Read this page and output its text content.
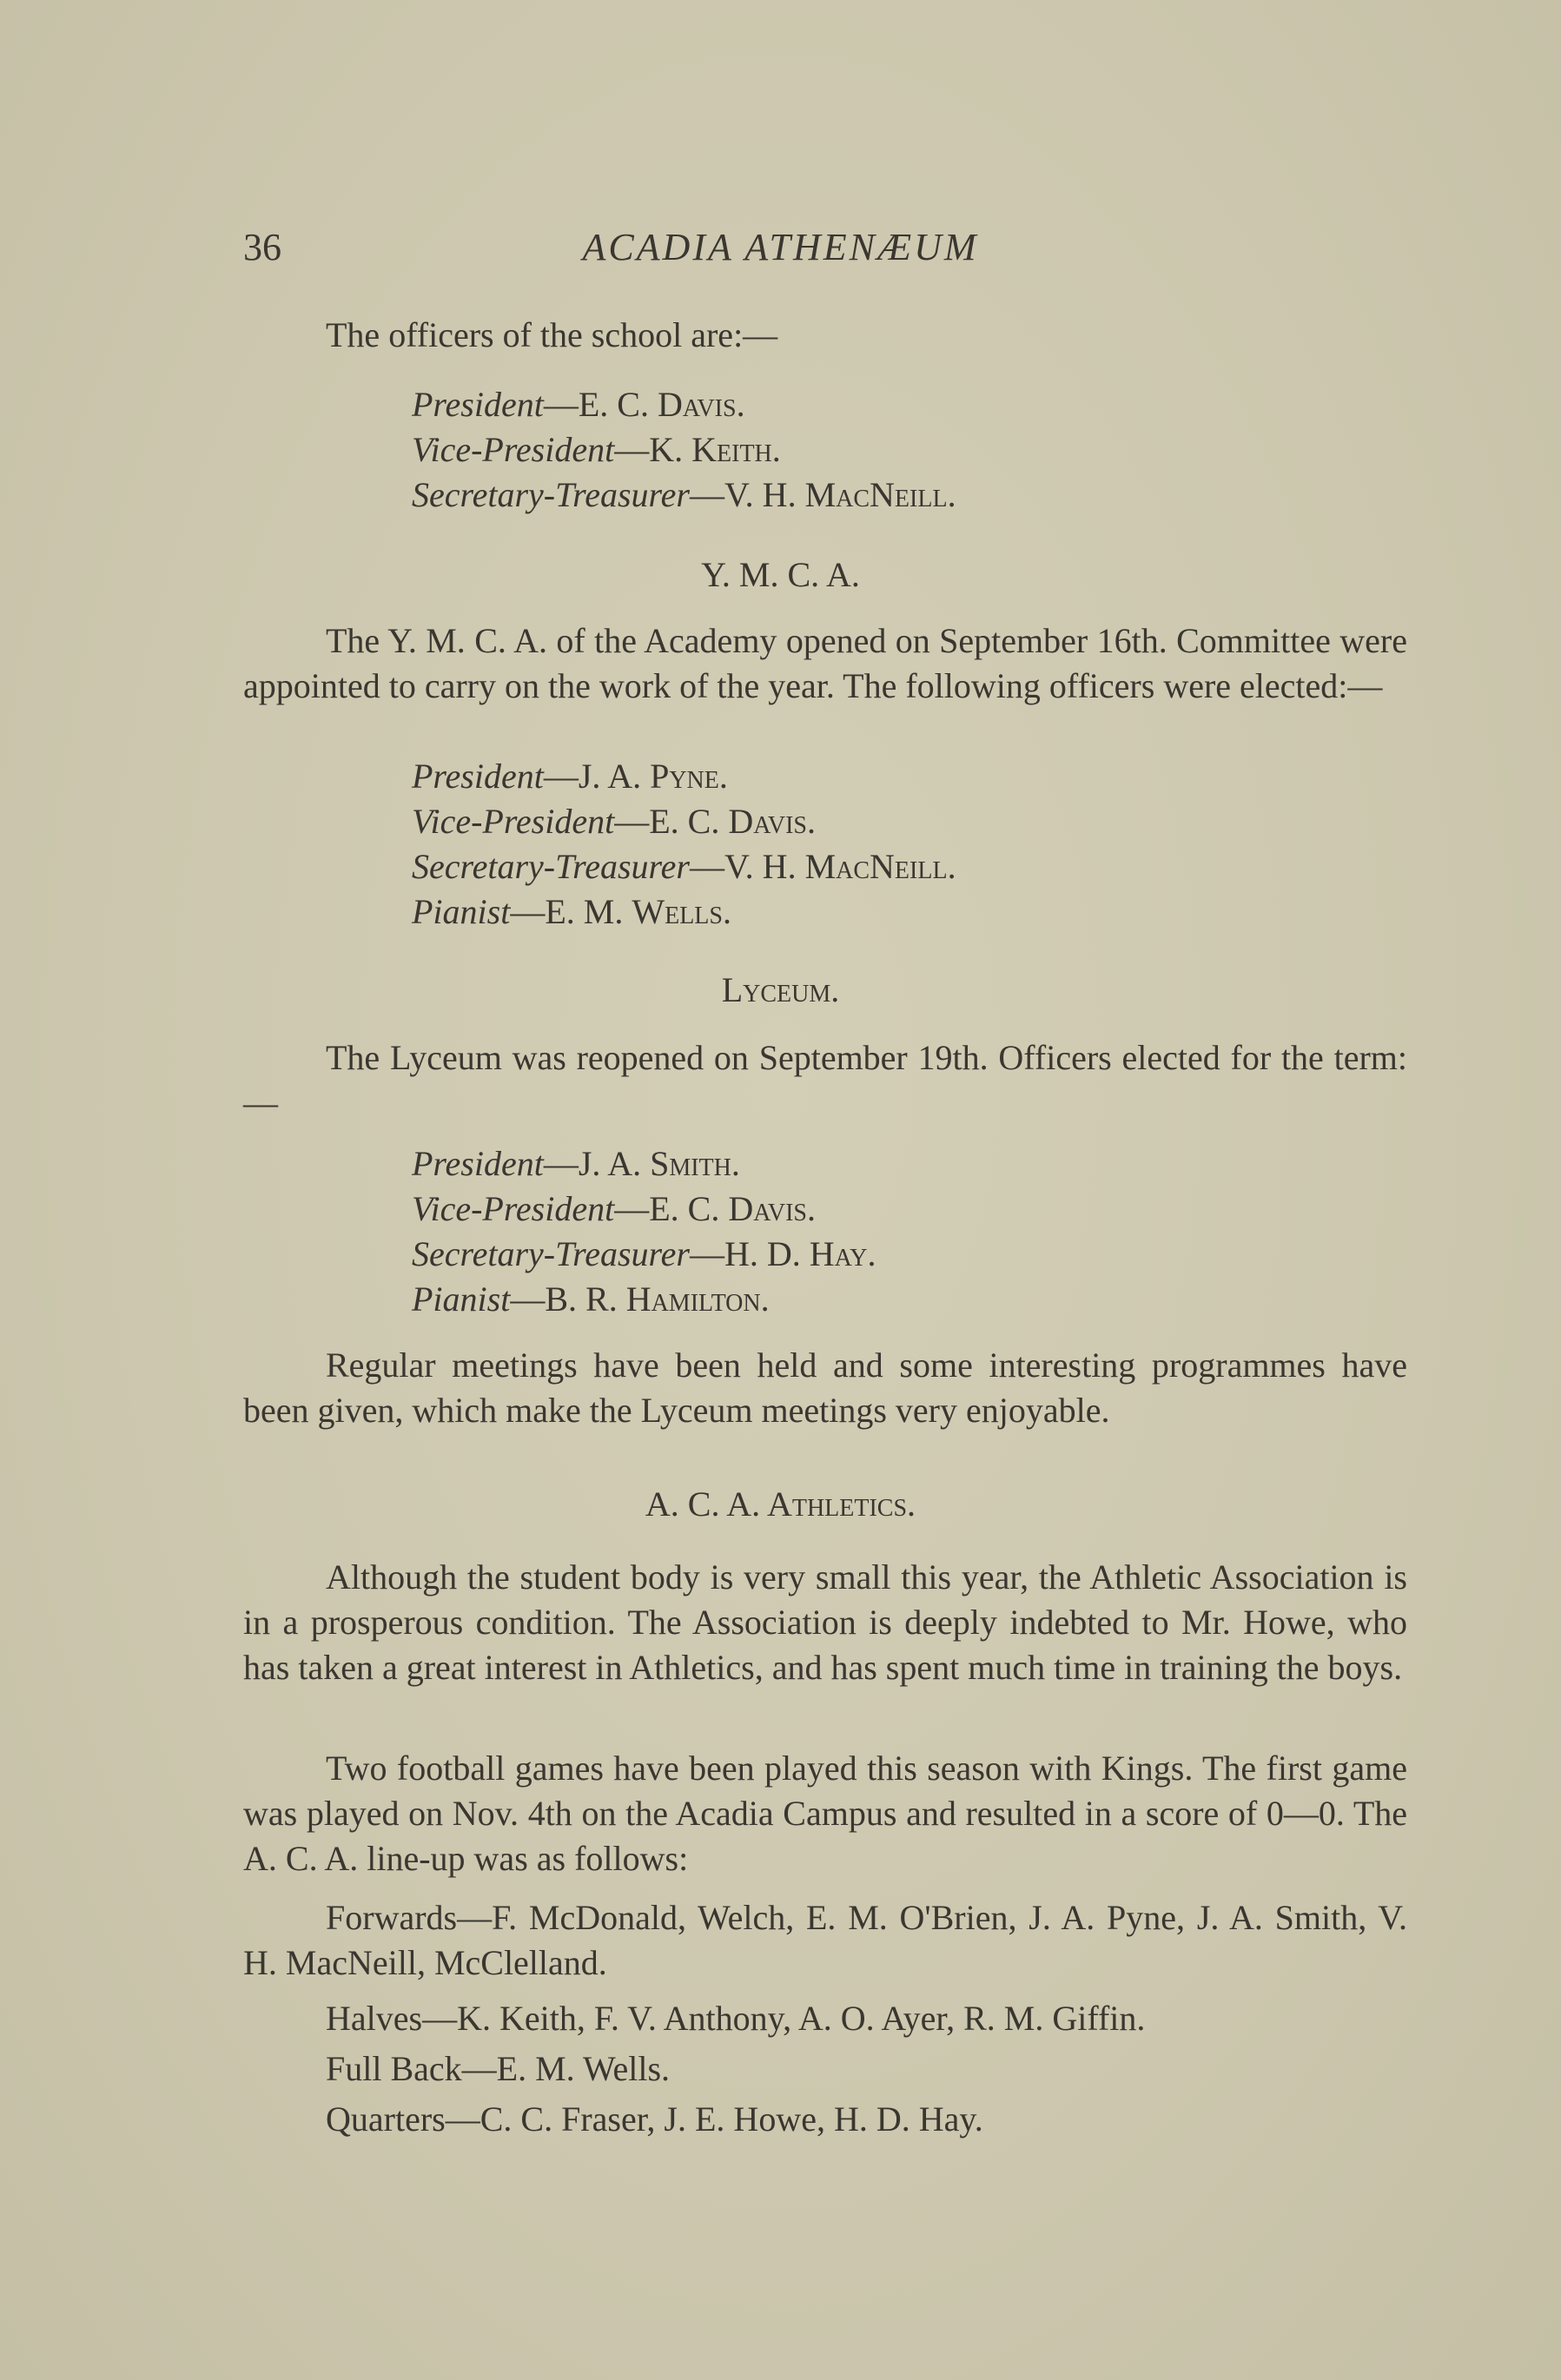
36	ACADIA ATHENÆUM

The officers of the school are:—

President—E. C. Davis.
Vice-President—K. Keith.
Secretary-Treasurer—V. H. MacNeill.
Y. M. C. A.

The Y. M. C. A. of the Academy opened on September 16th. Committee were appointed to carry on the work of the year. The following officers were elected:—

President—J. A. Pyne.
Vice-President—E. C. Davis.
Secretary-Treasurer—V. H. MacNeill.
Pianist—E. M. Wells.
Lyceum.

The Lyceum was reopened on September 19th. Officers elected for the term:—

President—J. A. Smith.
Vice-President—E. C. Davis.
Secretary-Treasurer—H. D. Hay.
Pianist—B. R. Hamilton.

Regular meetings have been held and some interesting programmes have been given, which make the Lyceum meetings very enjoyable.

A. C. A. Athletics.

Although the student body is very small this year, the Athletic Association is in a prosperous condition. The Association is deeply indebted to Mr. Howe, who has taken a great interest in Athletics, and has spent much time in training the boys.

Two football games have been played this season with Kings. The first game was played on Nov. 4th on the Acadia Campus and resulted in a score of 0—0. The A. C. A. line-up was as follows:

Forwards—F. McDonald, Welch, E. M. O'Brien, J. A. Pyne, J. A. Smith, V. H. MacNeill, McClelland.

Halves—K. Keith, F. V. Anthony, A. O. Ayer, R. M. Giffin.

Full Back—E. M. Wells.

Quarters—C. C. Fraser, J. E. Howe, H. D. Hay.
